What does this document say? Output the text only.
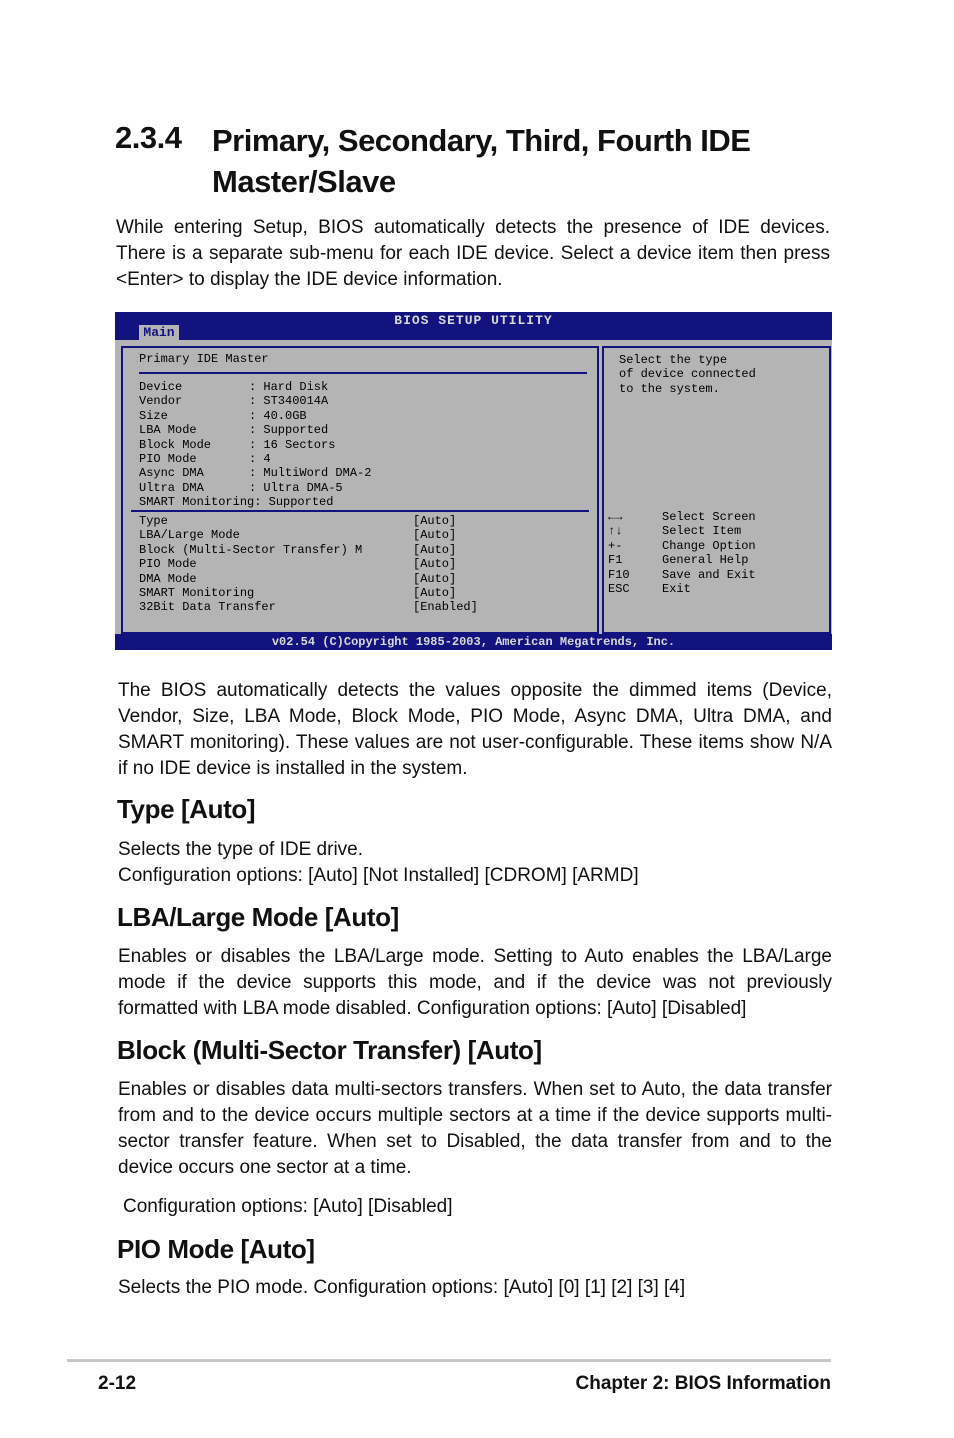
2.3.4 Primary, Secondary, Third, Fourth IDE Master/Slave

While entering Setup, BIOS automatically detects the presence of IDE devices. There is a separate sub-menu for each IDE device. Select a device item then press <Enter> to display the IDE device information.

BIOS SETUP UTILITY
Main
Primary IDE Master
Device
Vendor
Size
LBA Mode
Block Mode
PIO Mode
Async DMA
Ultra DMA
SMART Monitoring: Supported
: Hard Disk
: ST340014A
: 40.0GB
: Supported
: 16 Sectors
: 4
: MultiWord DMA-2
: Ultra DMA-5

Type
LBA/Large Mode
Block (Multi-Sector Transfer) M
PIO Mode
DMA Mode
SMART Monitoring
32Bit Data Transfer
[Auto]
[Auto]
[Auto]
[Auto]
[Auto]
[Auto]
[Enabled]
Select the type
of device connected
to the system.
←→
↑↓
+-
F1
F10
ESC
Select Screen
Select Item
Change Option
General Help
Save and Exit
Exit
v02.54 (C)Copyright 1985-2003, American Megatrends, Inc.

The BIOS automatically detects the values opposite the dimmed items (Device, Vendor, Size, LBA Mode, Block Mode, PIO Mode, Async DMA, Ultra DMA, and SMART monitoring). These values are not user-configurable. These items show N/A if no IDE device is installed in the system.

Type [Auto]

Selects the type of IDE drive.

Configuration options: [Auto] [Not Installed] [CDROM] [ARMD]

LBA/Large Mode [Auto]

Enables or disables the LBA/Large mode. Setting to Auto enables the LBA/Large mode if the device supports this mode, and if the device was not previously formatted with LBA mode disabled. Configuration options: [Auto] [Disabled]

Block (Multi-Sector Transfer) [Auto]

Enables or disables data multi-sectors transfers. When set to Auto, the data transfer from and to the device occurs multiple sectors at a time if the device supports multi-sector transfer feature. When set to Disabled, the data transfer from and to the device occurs one sector at a time.

Configuration options: [Auto] [Disabled]

PIO Mode [Auto]

Selects the PIO mode. Configuration options: [Auto] [0] [1] [2] [3] [4]

2-12	Chapter 2: BIOS Information
